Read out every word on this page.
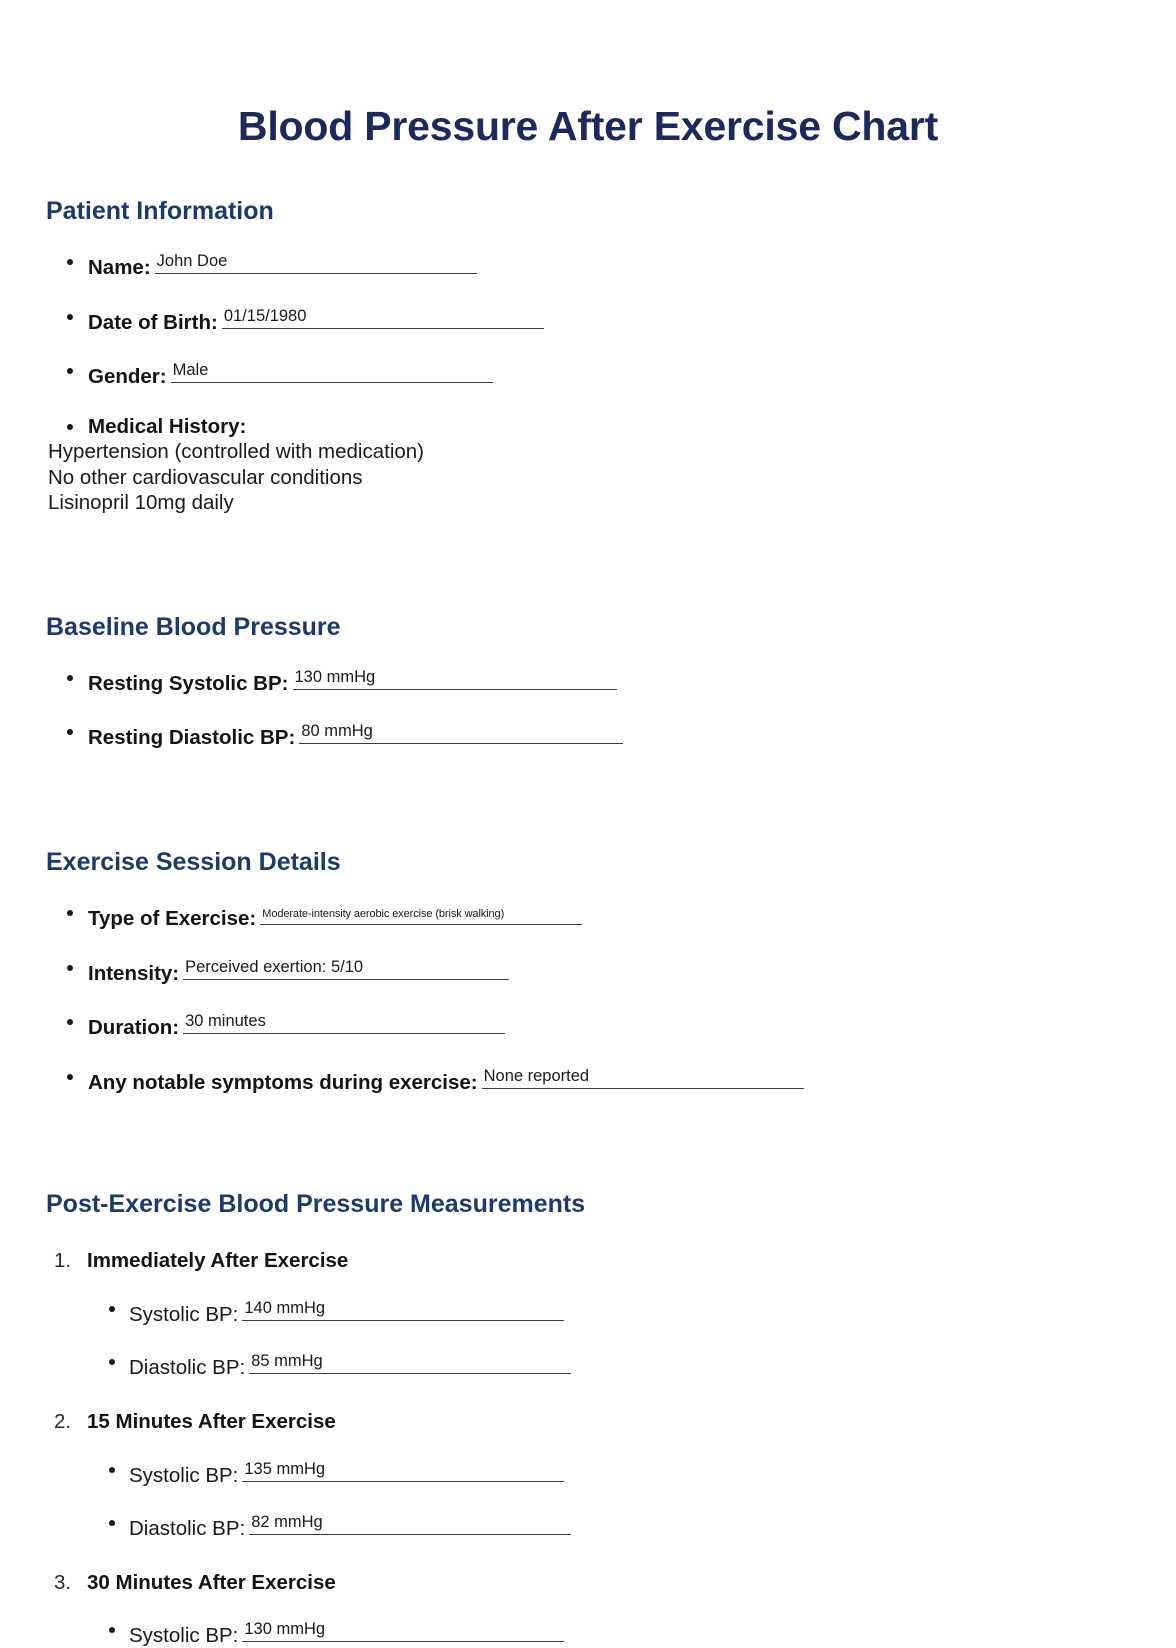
Blood Pressure After Exercise Chart
Patient Information
Name: John Doe
Date of Birth: 01/15/1980
Gender: Male
Medical History:
Hypertension (controlled with medication)
No other cardiovascular conditions
Lisinopril 10mg daily
Baseline Blood Pressure
Resting Systolic BP: 130 mmHg
Resting Diastolic BP: 80 mmHg
Exercise Session Details
Type of Exercise: Moderate-intensity aerobic exercise (brisk walking)
Intensity: Perceived exertion: 5/10
Duration: 30 minutes
Any notable symptoms during exercise: None reported
Post-Exercise Blood Pressure Measurements
1. Immediately After Exercise
Systolic BP: 140 mmHg
Diastolic BP: 85 mmHg
2. 15 Minutes After Exercise
Systolic BP: 135 mmHg
Diastolic BP: 82 mmHg
3. 30 Minutes After Exercise
Systolic BP: 130 mmHg
